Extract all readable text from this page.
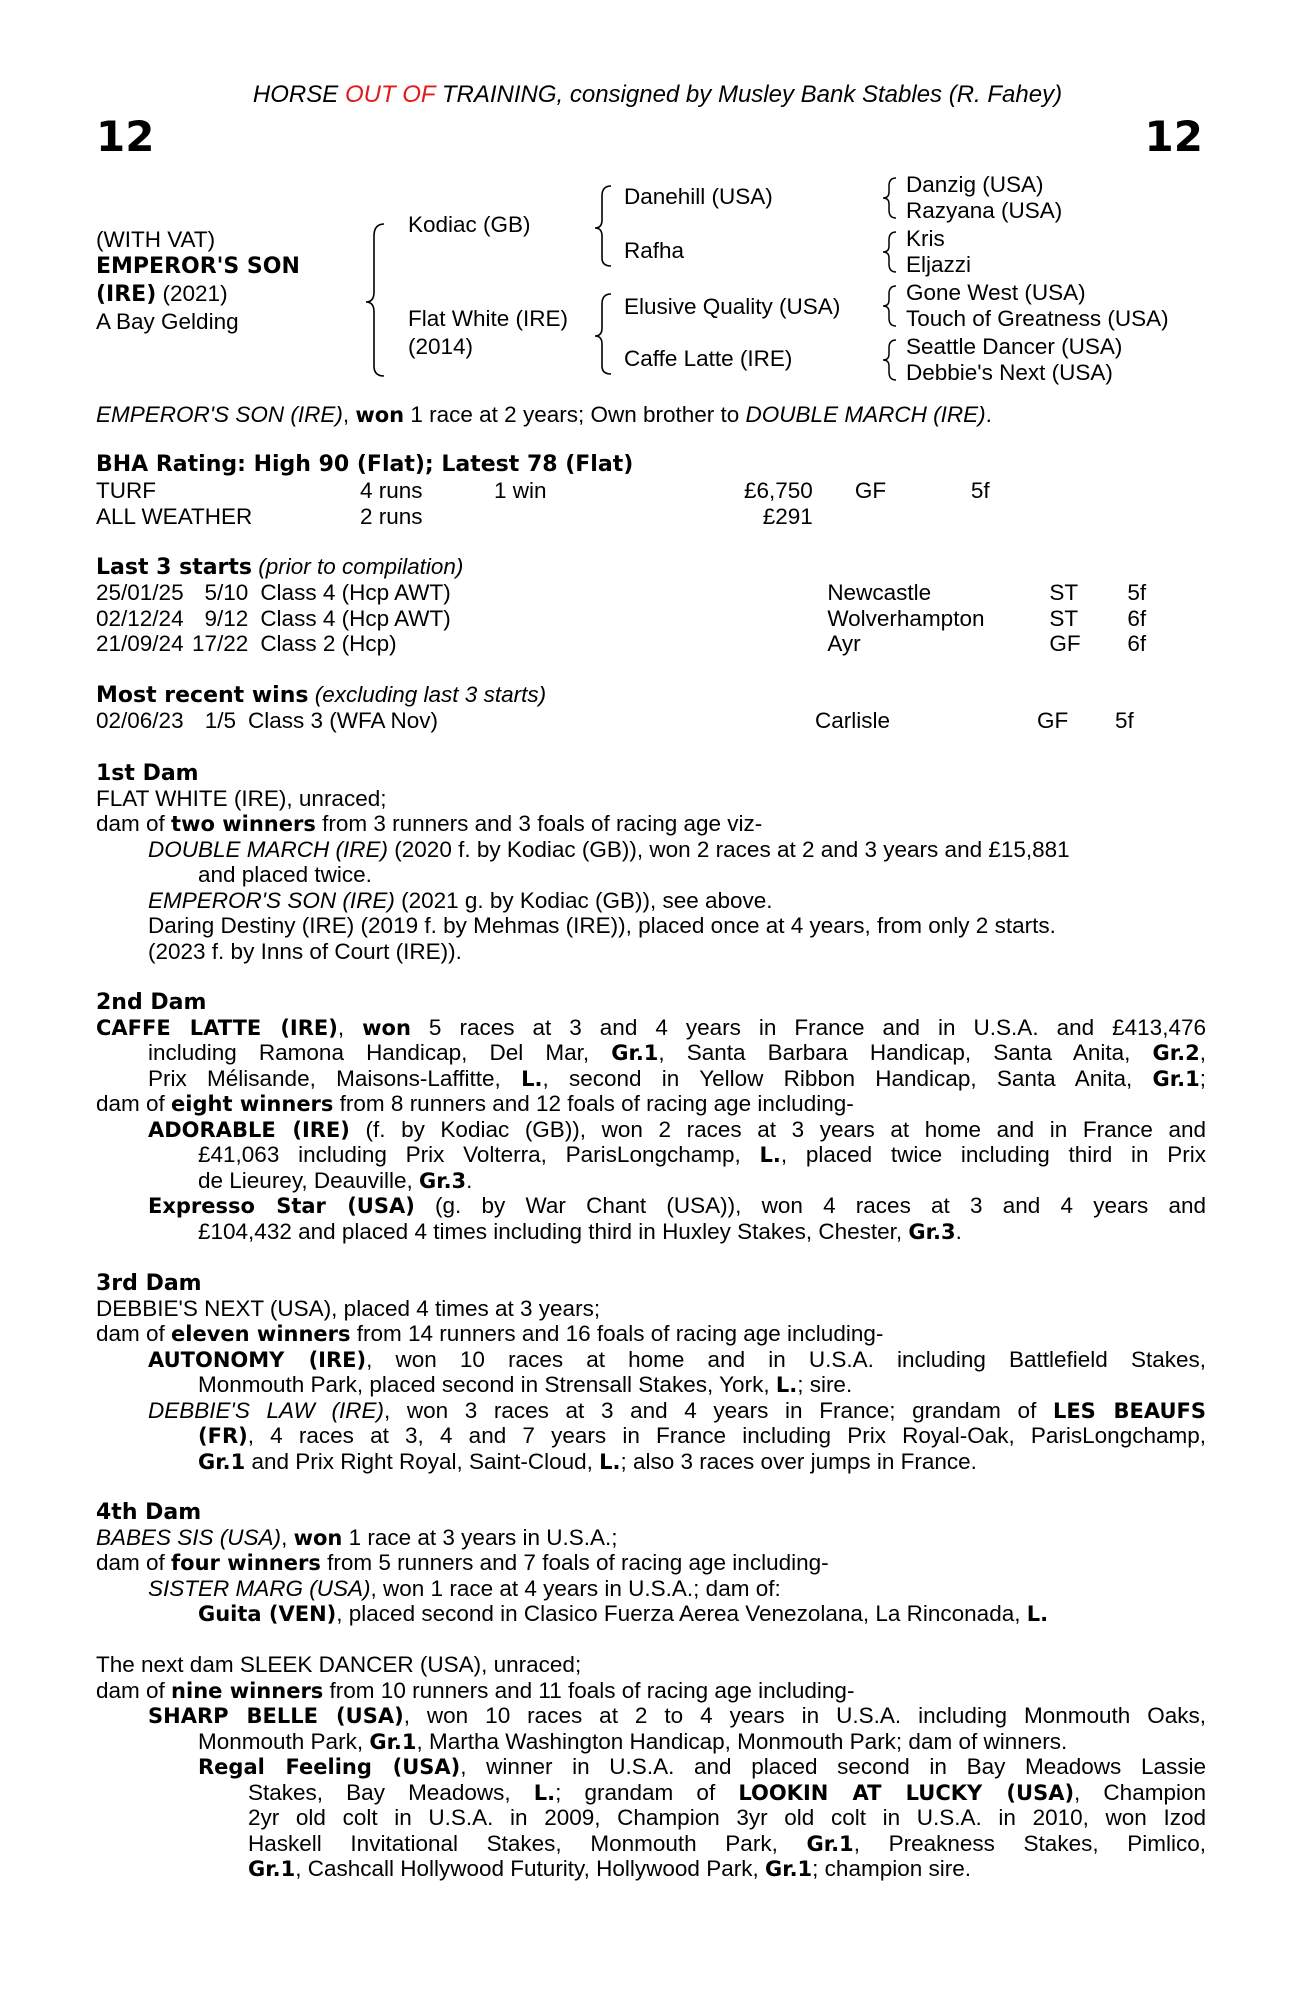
HORSE OUT OF TRAINING, consigned by Musley Bank Stables (R. Fahey)
12	12
(WITH VAT)
EMPEROR'S SON
(IRE) (2021)
A Bay Gelding
Kodiac (GB)
Flat White (IRE)
(2014)
Danehill (USA)
Rafha
Elusive Quality (USA)
Caffe Latte (IRE)
Danzig (USA)
Razyana (USA)
Kris
Eljazzi
Gone West (USA)
Touch of Greatness (USA)
Seattle Dancer (USA)
Debbie's Next (USA)
EMPEROR'S SON (IRE), won 1 race at 2 years; Own brother to DOUBLE MARCH (IRE).
BHA Rating: High 90 (Flat); Latest 78 (Flat)
TURF	4 runs	1 win	£6,750	GF	5f
ALL WEATHER	2 runs		£291		
Last 3 starts (prior to compilation)
25/01/25	5/10	Class 4 (Hcp AWT)	Newcastle	ST	5f
02/12/24	9/12	Class 4 (Hcp AWT)	Wolverhampton	ST	6f
21/09/24	17/22	Class 2 (Hcp)	Ayr	GF	6f
Most recent wins (excluding last 3 starts)
02/06/23	1/5	Class 3 (WFA Nov)	Carlisle	GF	5f
1st Dam
FLAT WHITE (IRE), unraced;
dam of two winners from 3 runners and 3 foals of racing age viz-
DOUBLE MARCH (IRE) (2020 f. by Kodiac (GB)), won 2 races at 2 and 3 years and £15,881
and placed twice.
EMPEROR'S SON (IRE) (2021 g. by Kodiac (GB)), see above.
Daring Destiny (IRE) (2019 f. by Mehmas (IRE)), placed once at 4 years, from only 2 starts.
(2023 f. by Inns of Court (IRE)).
2nd Dam
CAFFE LATTE (IRE), won 5 races at 3 and 4 years in France and in U.S.A. and £413,476
including Ramona Handicap, Del Mar, Gr.1, Santa Barbara Handicap, Santa Anita, Gr.2,
Prix Mélisande, Maisons-Laffitte, L., second in Yellow Ribbon Handicap, Santa Anita, Gr.1;
dam of eight winners from 8 runners and 12 foals of racing age including-
ADORABLE (IRE) (f. by Kodiac (GB)), won 2 races at 3 years at home and in France and
£41,063 including Prix Volterra, ParisLongchamp, L., placed twice including third in Prix
de Lieurey, Deauville, Gr.3.
Expresso Star (USA) (g. by War Chant (USA)), won 4 races at 3 and 4 years and
£104,432 and placed 4 times including third in Huxley Stakes, Chester, Gr.3.
3rd Dam
DEBBIE'S NEXT (USA), placed 4 times at 3 years;
dam of eleven winners from 14 runners and 16 foals of racing age including-
AUTONOMY (IRE), won 10 races at home and in U.S.A. including Battlefield Stakes,
Monmouth Park, placed second in Strensall Stakes, York, L.; sire.
DEBBIE'S LAW (IRE), won 3 races at 3 and 4 years in France; grandam of LES BEAUFS
(FR), 4 races at 3, 4 and 7 years in France including Prix Royal-Oak, ParisLongchamp,
Gr.1 and Prix Right Royal, Saint-Cloud, L.; also 3 races over jumps in France.
4th Dam
BABES SIS (USA), won 1 race at 3 years in U.S.A.;
dam of four winners from 5 runners and 7 foals of racing age including-
SISTER MARG (USA), won 1 race at 4 years in U.S.A.; dam of:
Guita (VEN), placed second in Clasico Fuerza Aerea Venezolana, La Rinconada, L.
The next dam SLEEK DANCER (USA), unraced;
dam of nine winners from 10 runners and 11 foals of racing age including-
SHARP BELLE (USA), won 10 races at 2 to 4 years in U.S.A. including Monmouth Oaks,
Monmouth Park, Gr.1, Martha Washington Handicap, Monmouth Park; dam of winners.
Regal Feeling (USA), winner in U.S.A. and placed second in Bay Meadows Lassie
Stakes, Bay Meadows, L.; grandam of LOOKIN AT LUCKY (USA), Champion
2yr old colt in U.S.A. in 2009, Champion 3yr old colt in U.S.A. in 2010, won Izod
Haskell Invitational Stakes, Monmouth Park, Gr.1, Preakness Stakes, Pimlico,
Gr.1, Cashcall Hollywood Futurity, Hollywood Park, Gr.1; champion sire.
